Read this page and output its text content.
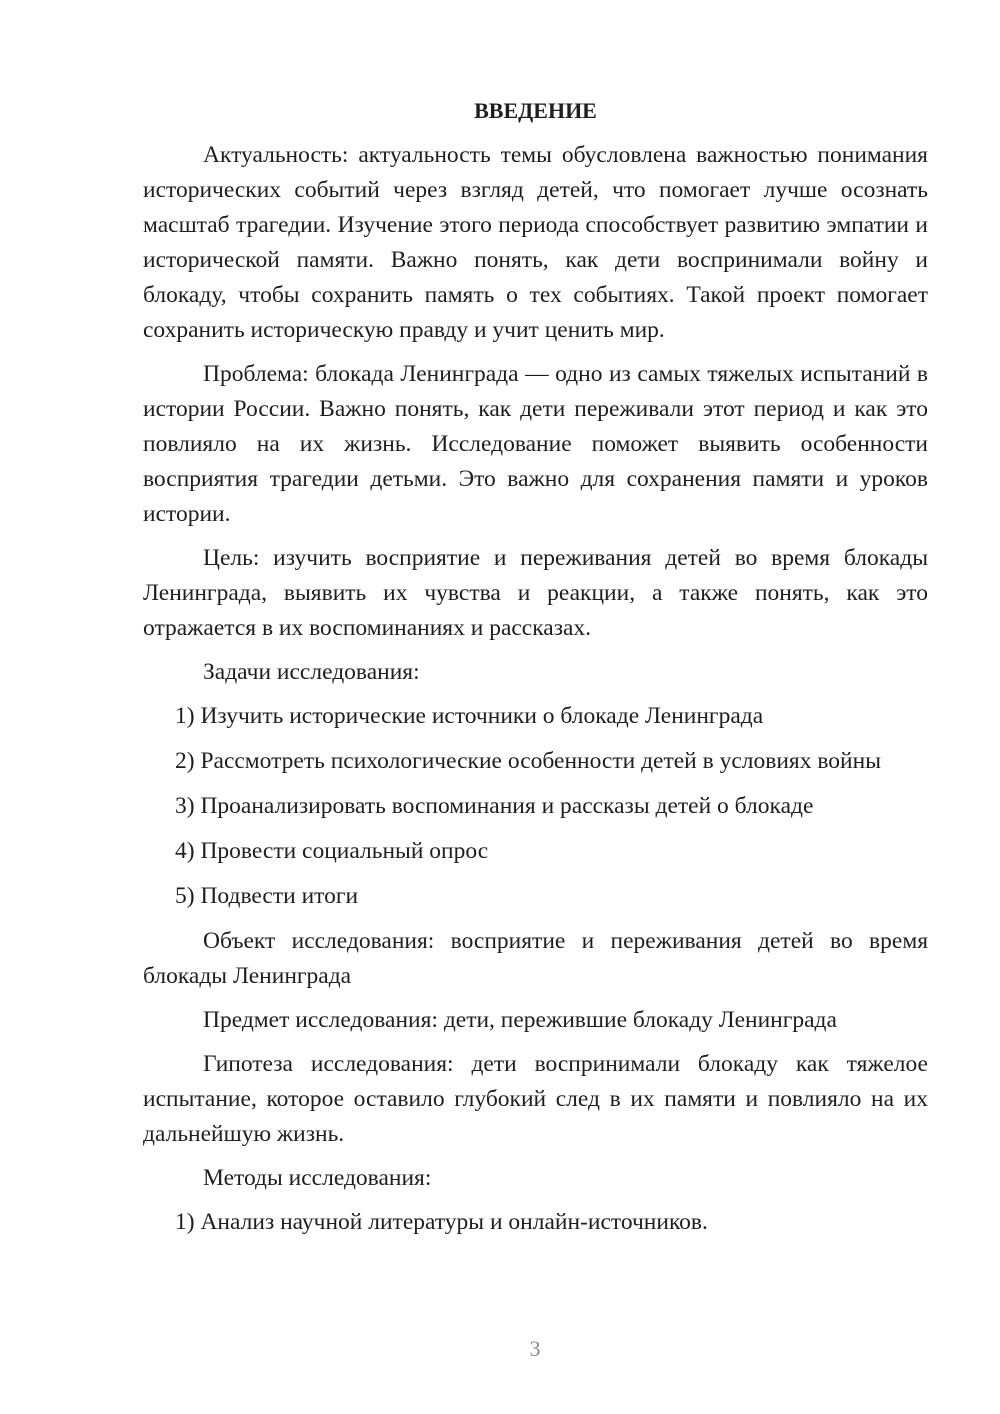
ВВЕДЕНИЕ

Актуальность: актуальность темы обусловлена важностью понимания исторических событий через взгляд детей, что помогает лучше осознать масштаб трагедии. Изучение этого периода способствует развитию эмпатии и исторической памяти. Важно понять, как дети воспринимали войну и блокаду, чтобы сохранить память о тех событиях. Такой проект помогает сохранить историческую правду и учит ценить мир.

Проблема: блокада Ленинграда — одно из самых тяжелых испытаний в истории России. Важно понять, как дети переживали этот период и как это повлияло на их жизнь. Исследование поможет выявить особенности восприятия трагедии детьми. Это важно для сохранения памяти и уроков истории.

Цель: изучить восприятие и переживания детей во время блокады Ленинграда, выявить их чувства и реакции, а также понять, как это отражается в их воспоминаниях и рассказах.

Задачи исследования:

1) Изучить исторические источники о блокаде Ленинграда
2) Рассмотреть психологические особенности детей в условиях войны
3) Проанализировать воспоминания и рассказы детей о блокаде
4) Провести социальный опрос
5) Подвести итоги

Объект исследования: восприятие и переживания детей во время блокады Ленинграда

Предмет исследования: дети, пережившие блокаду Ленинграда

Гипотеза исследования: дети воспринимали блокаду как тяжелое испытание, которое оставило глубокий след в их памяти и повлияло на их дальнейшую жизнь.

Методы исследования:

1) Анализ научной литературы и онлайн-источников.
3
